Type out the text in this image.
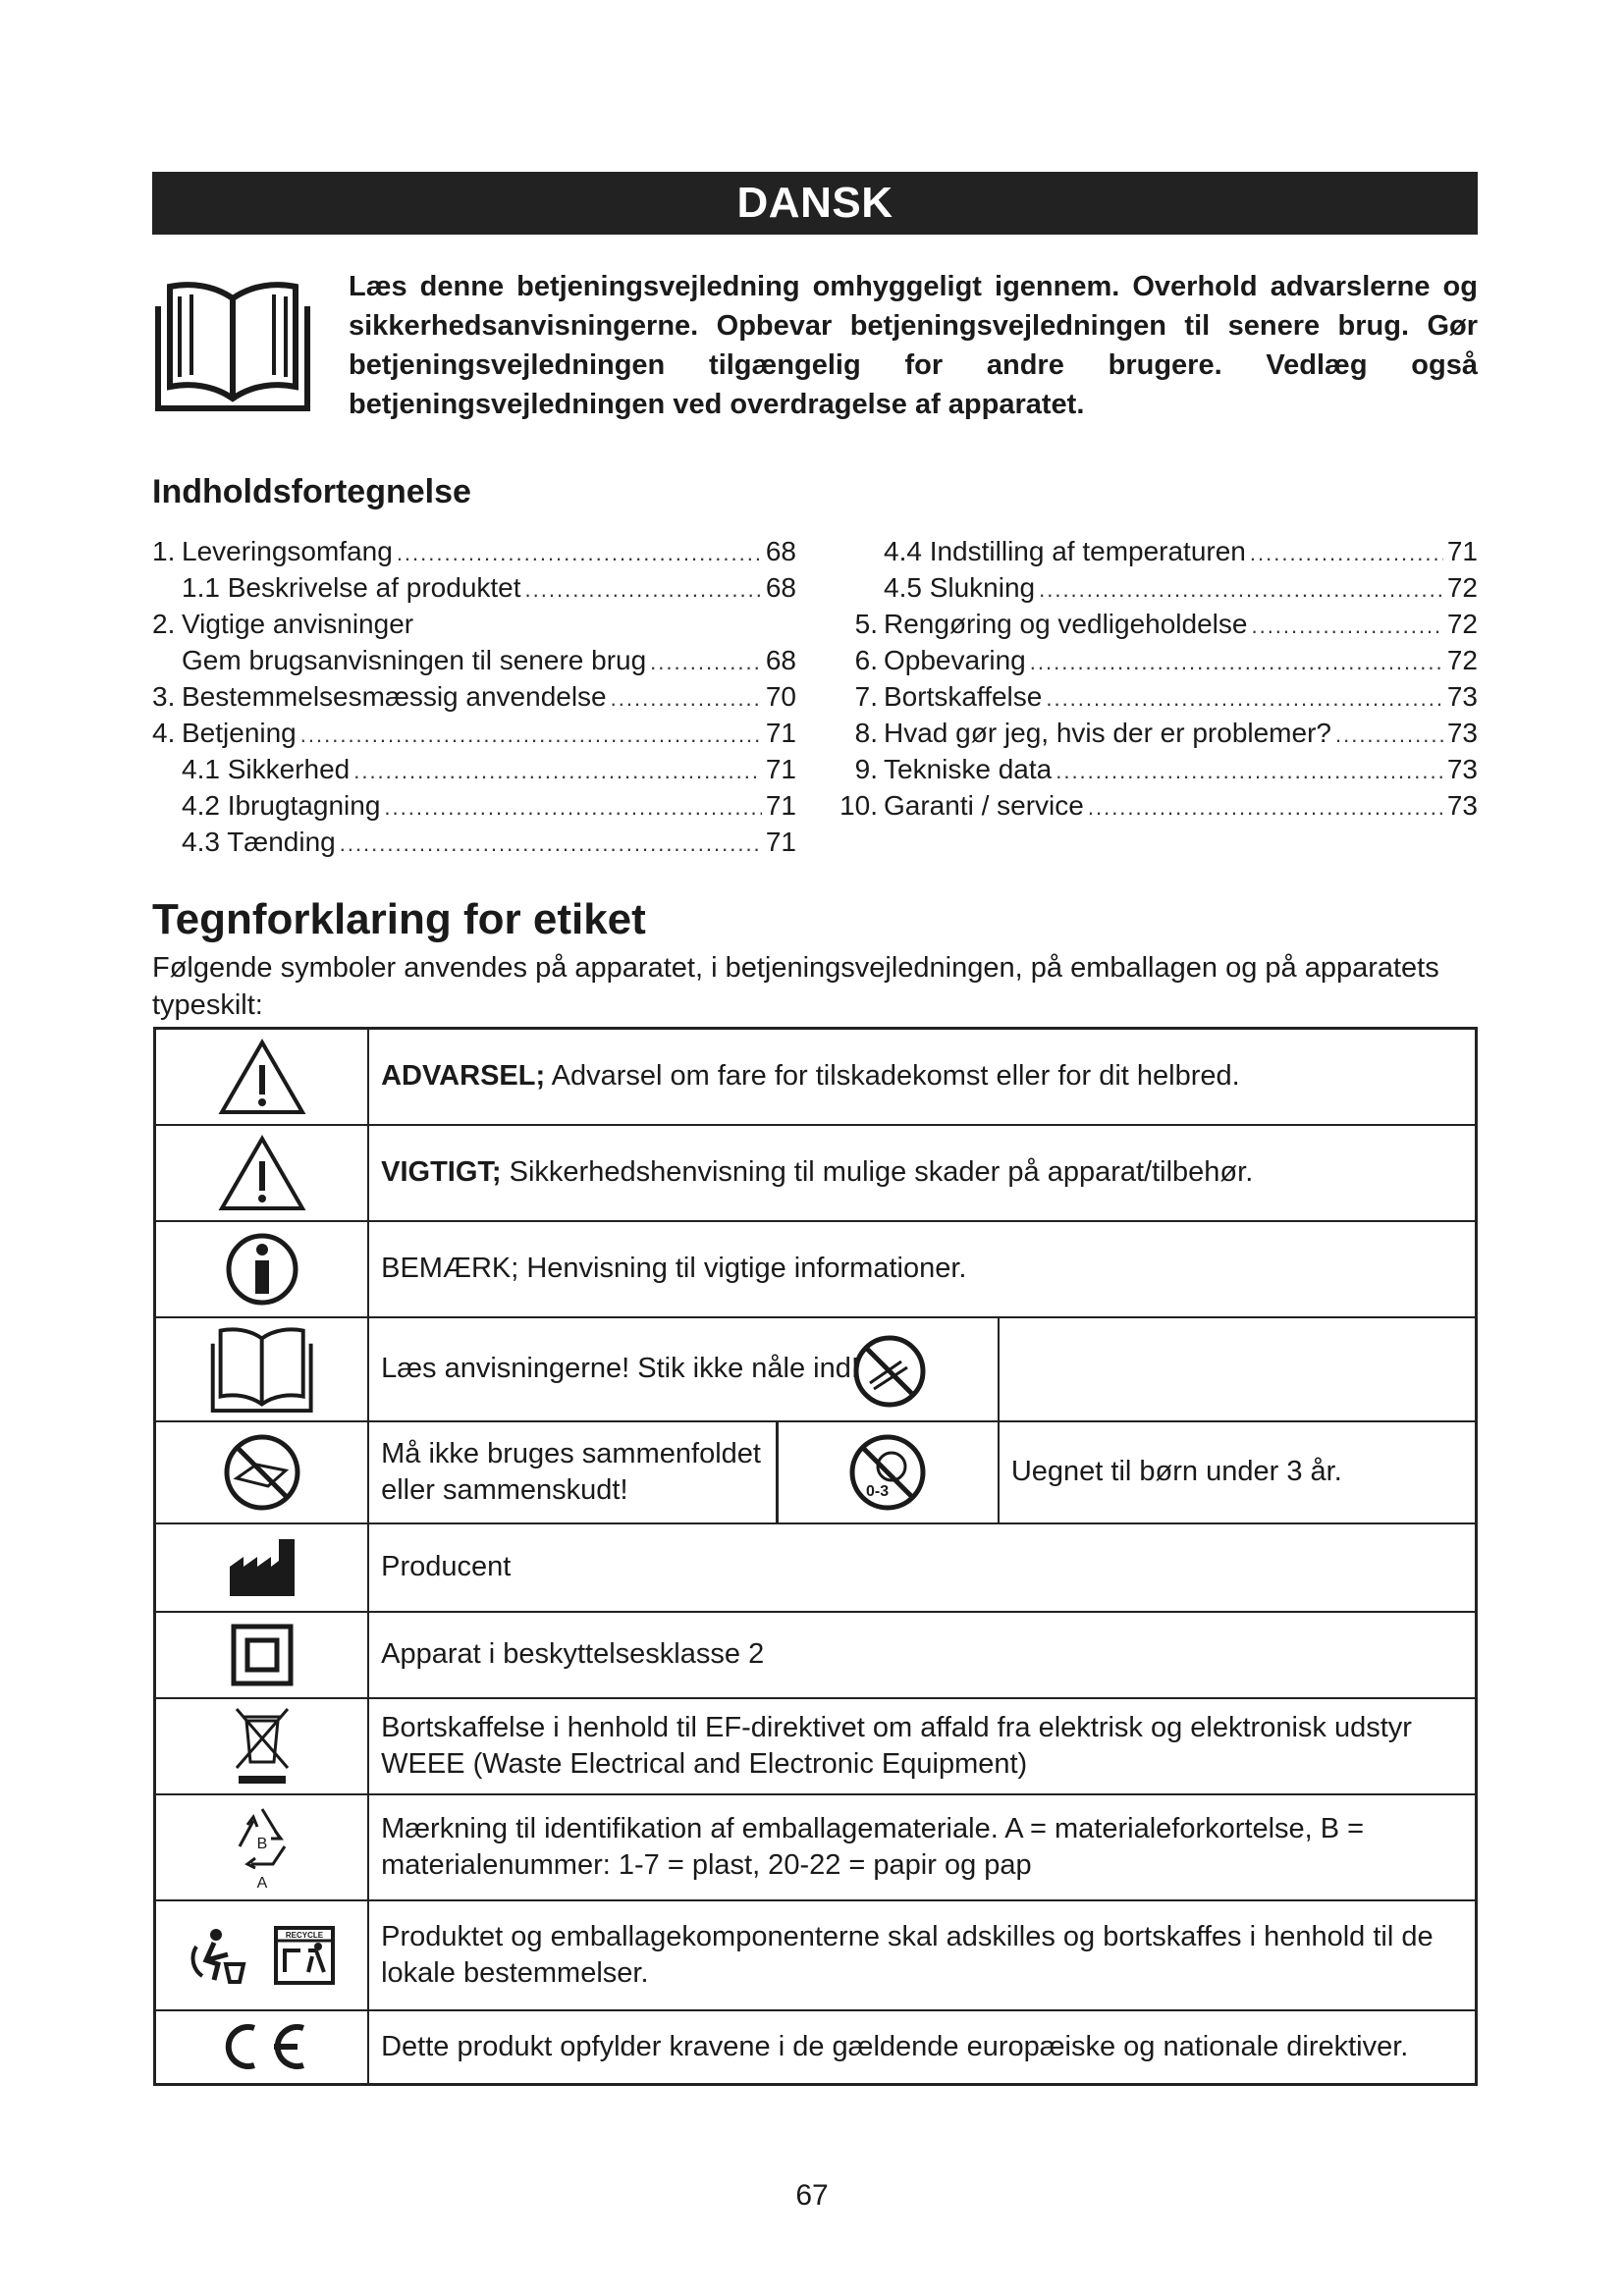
DANSK
Læs denne betjeningsvejledning omhyggeligt igennem. Overhold advarslerne og sikkerhedsanvisningerne. Opbevar betjeningsvejledningen til senere brug. Gør betjeningsvejledningen tilgængelig for andre brugere. Vedlæg også betjeningsvejledningen ved overdragelse af apparatet.
Indholdsfortegnelse
1. Leveringsomfang .....	68
1.1 Beskrivelse af produktet .....	68
2. Vigtige anvisninger
Gem brugsanvisningen til senere brug .....	68
3. Bestemmelsesmæssig anvendelse .....	70
4. Betjening .....	71
4.1 Sikkerhed .....	71
4.2 Ibrugtagning .....	71
4.3 Tænding .....	71
4.4 Indstilling af temperaturen .....	71
4.5 Slukning .....	72
5. Rengøring og vedligeholdelse .....	72
6. Opbevaring .....	72
7. Bortskaffelse .....	73
8. Hvad gør jeg, hvis der er problemer? .....	73
9. Tekniske data .....	73
10. Garanti / service .....	73
Tegnforklaring for etiket
Følgende symboler anvendes på apparatet, i betjeningsvejledningen, på emballagen og på apparatets typeskilt:
	ADVARSEL; Advarsel om fare for tilskadekomst eller for dit helbred.		
	VIGTIGT; Sikkerhedshenvisning til mulige skader på apparat/tilbehør.		
	BEMÆRK; Henvisning til vigtige informationer.		
	Læs anvisningerne! Stik ikke nåle ind!	

	Må ikke bruges sammenfoldet eller sammenskudt!	0-3	Uegnet til børn under 3 år.
	Producent		
	Apparat i beskyttelsesklasse 2		
	Bortskaffelse i henhold til EF-direktivet om affald fra elektrisk og elektronisk udstyr WEEE (Waste Electrical and Electronic Equipment)		

B
A	Mærkning til identifikation af emballagemateriale. A = materialeforkortelse, B = materialenummer: 1-7 = plast, 20-22 = papir og pap		

RECYCLE	Produktet og emballagekomponenterne skal adskilles og bortskaffes i henhold til de lokale bestemmelser.		
	Dette produkt opfylder kravene i de gældende europæiske og nationale direktiver.		
67
